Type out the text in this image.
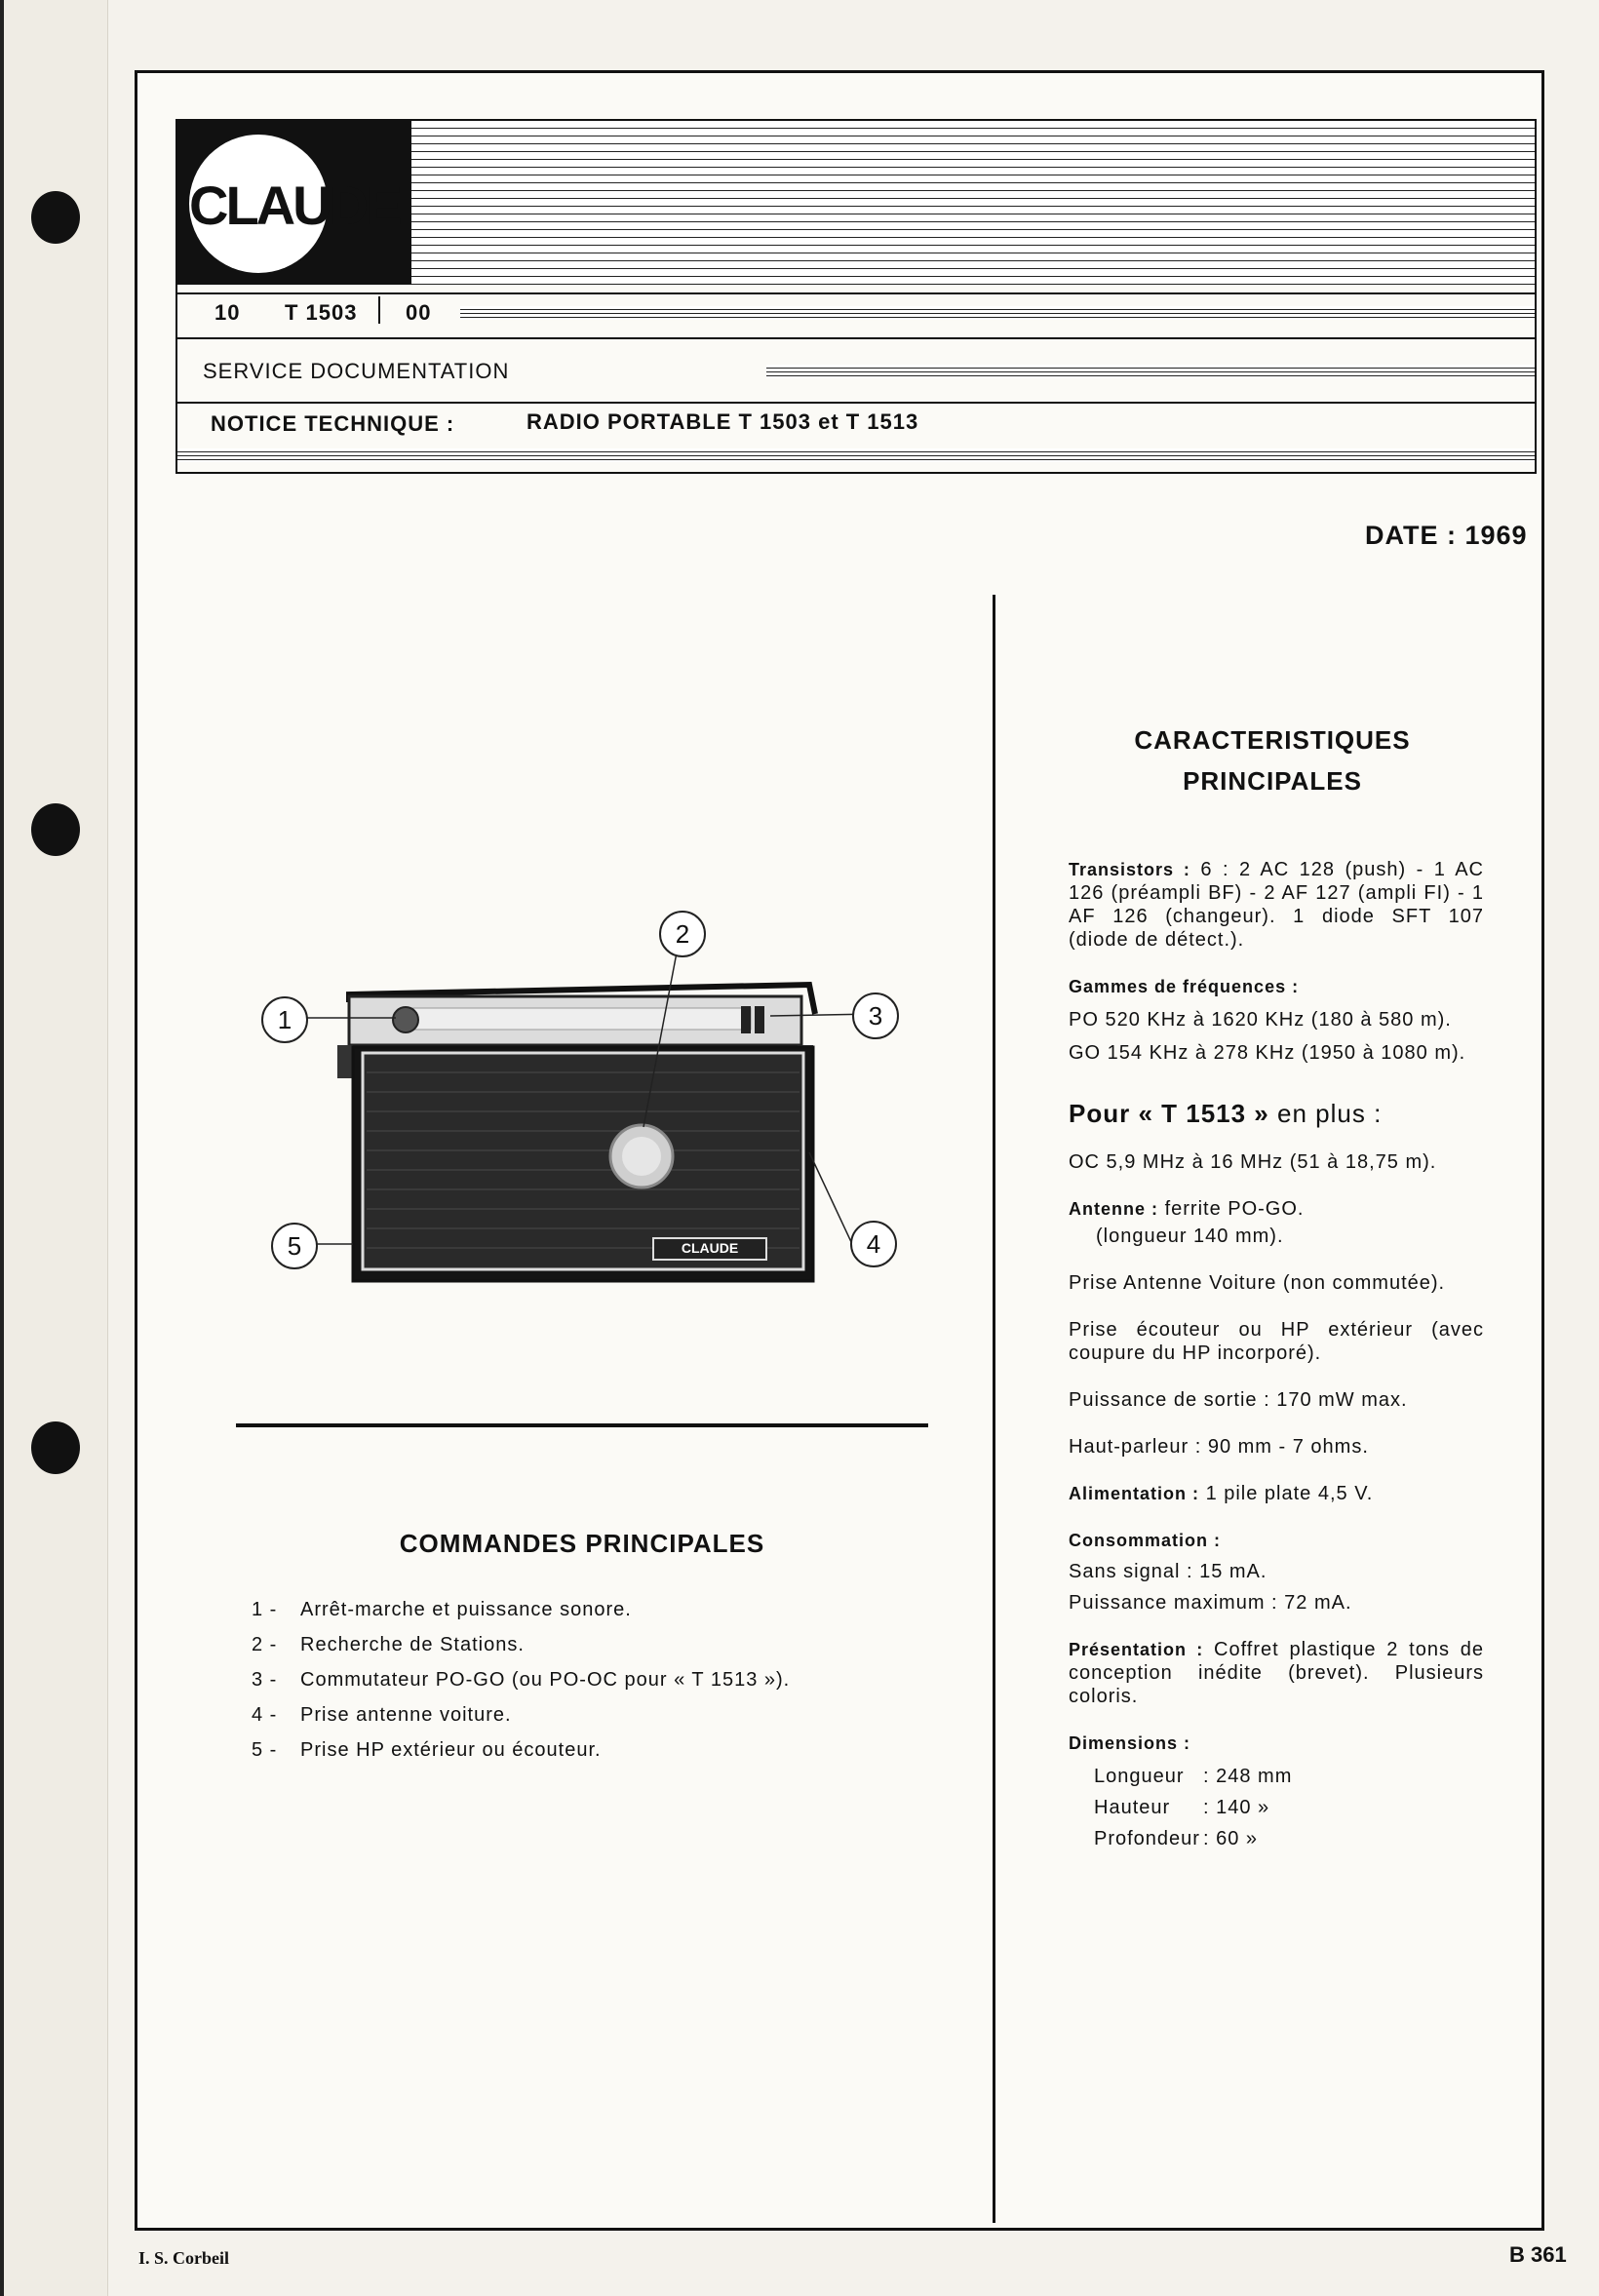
CLAUDE
10 T 1503 00
SERVICE DOCUMENTATION
NOTICE TECHNIQUE :	RADIO PORTABLE T 1503 et T 1513
DATE : 1969
CLAUDE
1
2
3
4
5
COMMANDES PRINCIPALES
1 -	Arrêt-marche et puissance sonore.
2 -	Recherche de Stations.
3 -	Commutateur PO-GO (ou PO-OC pour « T 1513 »).
4 -	Prise antenne voiture.
5 -	Prise HP extérieur ou écouteur.
CARACTERISTIQUES
PRINCIPALES

Transistors : 6 : 2 AC 128 (push) - 1 AC 126 (préampli BF) - 2 AF 127 (ampli FI) - 1 AF 126 (changeur). 1 diode SFT 107 (diode de détect.).

Gammes de fréquences :

PO 520 KHz à 1620 KHz (180 à 580 m).

GO 154 KHz à 278 KHz (1950 à 1080 m).

Pour « T 1513 » en plus :

OC 5,9 MHz à 16 MHz (51 à 18,75 m).

Antenne : ferrite PO-GO.

(longueur 140 mm).

Prise Antenne Voiture (non commutée).

Prise écouteur ou HP extérieur (avec coupure du HP incorporé).

Puissance de sortie : 170 mW max.

Haut-parleur : 90 mm - 7 ohms.

Alimentation : 1 pile plate 4,5 V.

Consommation :

Sans signal : 15 mA.

Puissance maximum : 72 mA.

Présentation : Coffret plastique 2 tons de conception inédite (brevet). Plusieurs coloris.

Dimensions :

Longueur : 248 mm
Hauteur	: 140 »
Profondeur : 60 »
I. S. Corbeil	B 361
